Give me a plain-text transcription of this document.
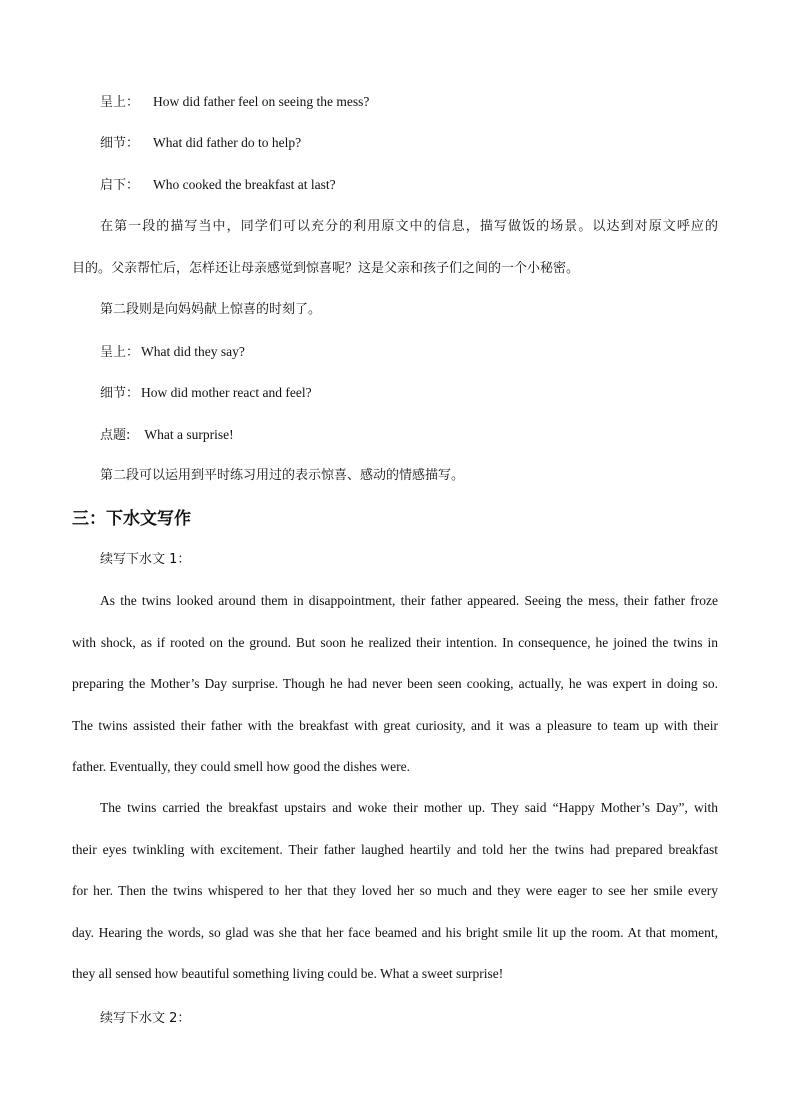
呈上： How did father feel on seeing the mess?
细节： What did father do to help?
启下： Who cooked the breakfast at last?
在第一段的描写当中，同学们可以充分的利用原文中的信息，描写做饭的场景。以达到对原文呼应的
目的。父亲帮忙后，怎样还让母亲感觉到惊喜呢？这是父亲和孩子们之间的一个小秘密。
第二段则是向妈妈献上惊喜的时刻了。
呈上： What did they say?
细节： How did mother react and feel?
点题: What a surprise!
第二段可以运用到平时练习用过的表示惊喜、感动的情感描写。
三：下水文写作
续写下水文 1：
As the twins looked around them in disappointment, their father appeared. Seeing the mess, their father froze
with shock, as if rooted on the ground. But soon he realized their intention. In consequence, he joined the twins in
preparing the Mother’s Day surprise. Though he had never been seen cooking, actually, he was expert in doing so.
The twins assisted their father with the breakfast with great curiosity, and it was a pleasure to team up with their
father. Eventually, they could smell how good the dishes were.
The twins carried the breakfast upstairs and woke their mother up. They said “Happy Mother’s Day”, with
their eyes twinkling with excitement. Their father laughed heartily and told her the twins had prepared breakfast
for her. Then the twins whispered to her that they loved her so much and they were eager to see her smile every
day. Hearing the words, so glad was she that her face beamed and his bright smile lit up the room. At that moment,
they all sensed how beautiful something living could be. What a sweet surprise!
续写下水文 2：
